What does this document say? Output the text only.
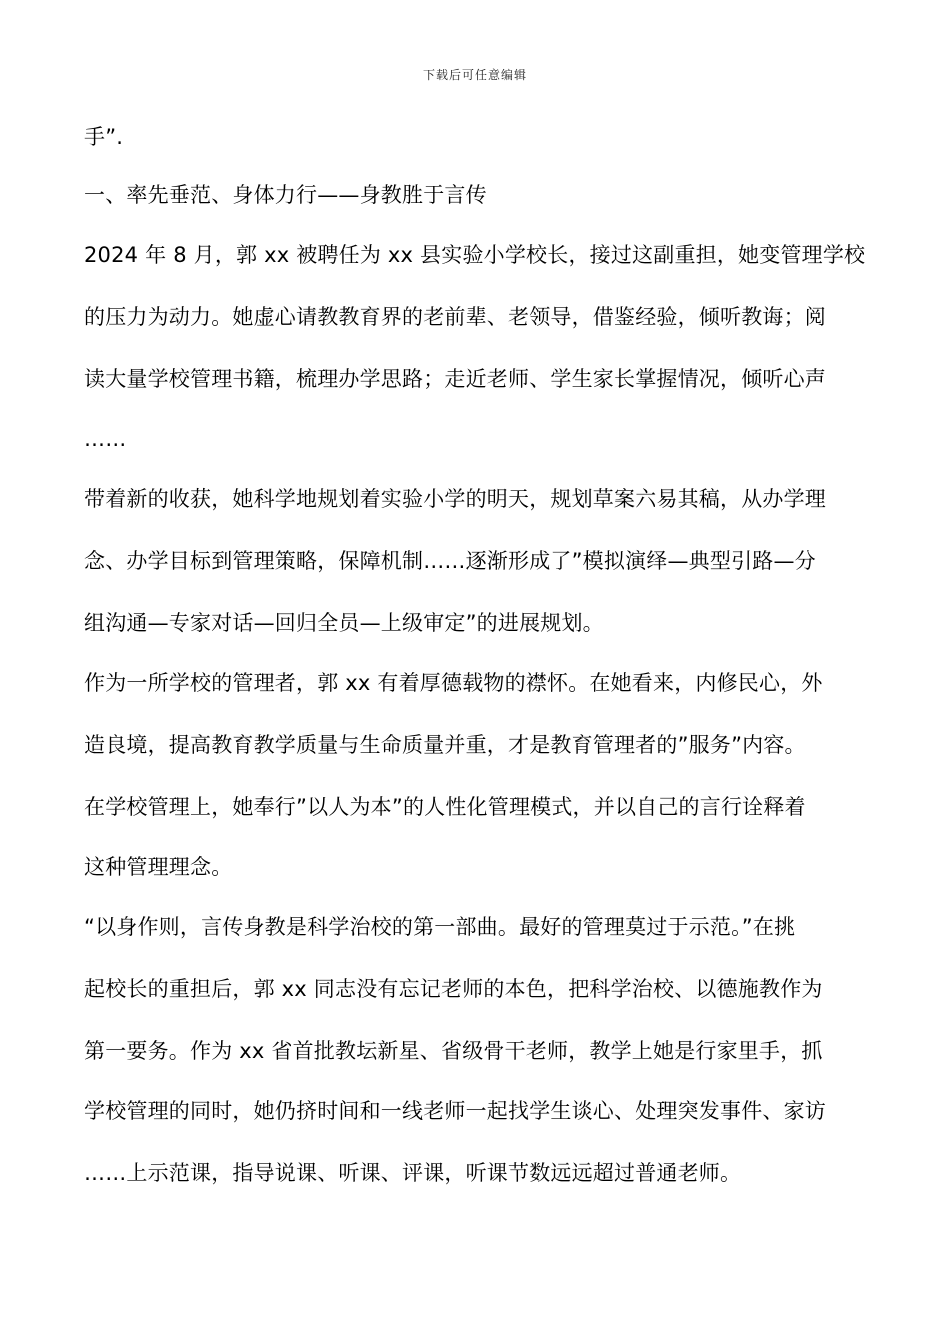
下载后可任意编辑
手”.
一、率先垂范、身体力行——身教胜于言传
2024 年 8 月，郭 xx 被聘任为 xx 县实验小学校长，接过这副重担，她变管理学校
的压力为动力。她虚心请教教育界的老前辈、老领导，借鉴经验，倾听教诲；阅
读大量学校管理书籍，梳理办学思路；走近老师、学生家长掌握情况，倾听心声
……
带着新的收获，她科学地规划着实验小学的明天，规划草案六易其稿，从办学理
念、办学目标到管理策略，保障机制……逐渐形成了”模拟演绎—典型引路—分
组沟通—专家对话—回归全员—上级审定”的进展规划。
作为一所学校的管理者，郭 xx 有着厚德载物的襟怀。在她看来，内修民心，外
造良境，提高教育教学质量与生命质量并重，才是教育管理者的”服务”内容。
在学校管理上，她奉行”以人为本”的人性化管理模式，并以自己的言行诠释着
这种管理理念。
“以身作则，言传身教是科学治校的第一部曲。最好的管理莫过于示范。”在挑
起校长的重担后，郭 xx 同志没有忘记老师的本色，把科学治校、以德施教作为
第一要务。作为 xx 省首批教坛新星、省级骨干老师，教学上她是行家里手，抓
学校管理的同时，她仍挤时间和一线老师一起找学生谈心、处理突发事件、家访
……上示范课，指导说课、听课、评课，听课节数远远超过普通老师。
